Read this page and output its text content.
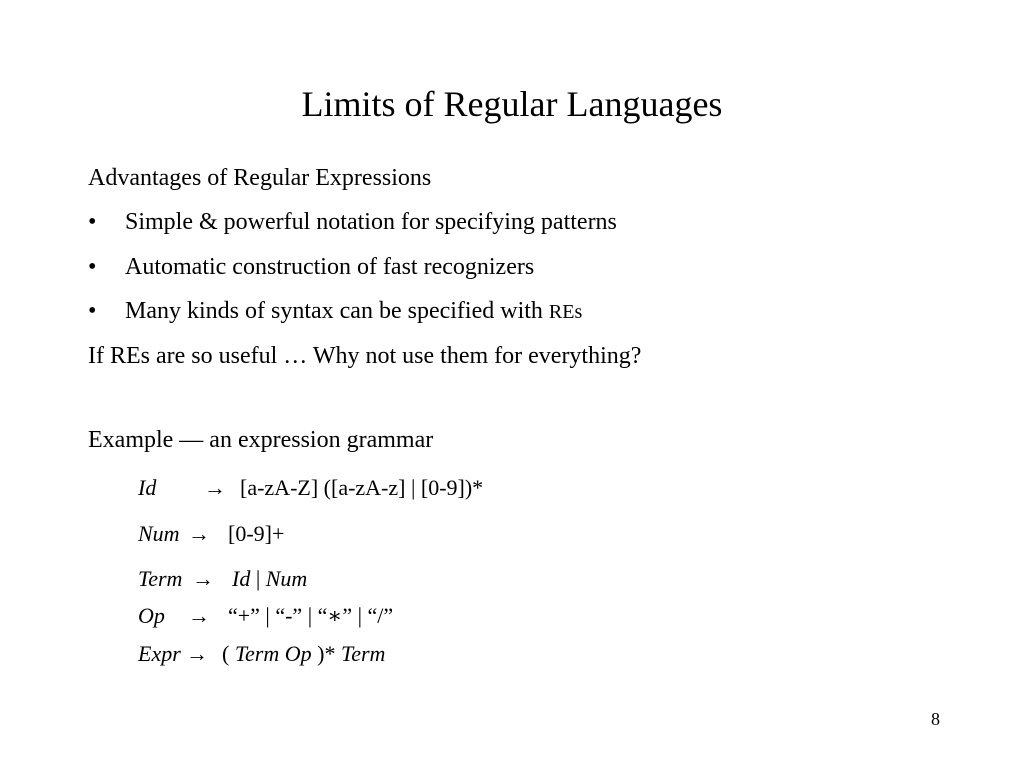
Limits of Regular Languages
Advantages of Regular Expressions
• Simple & powerful notation for specifying patterns
• Automatic construction of fast recognizers
• Many kinds of syntax can be specified with REs
If REs are so useful … Why not use them for everything?
Example — an expression grammar
Id → [a-zA-Z] ([a-zA-z] | [0-9])*
Num → [0-9]+
Term → Id | Num
Op → “+” | “-” | “∗” | “/”
Expr → ( Term Op )* Term
8
